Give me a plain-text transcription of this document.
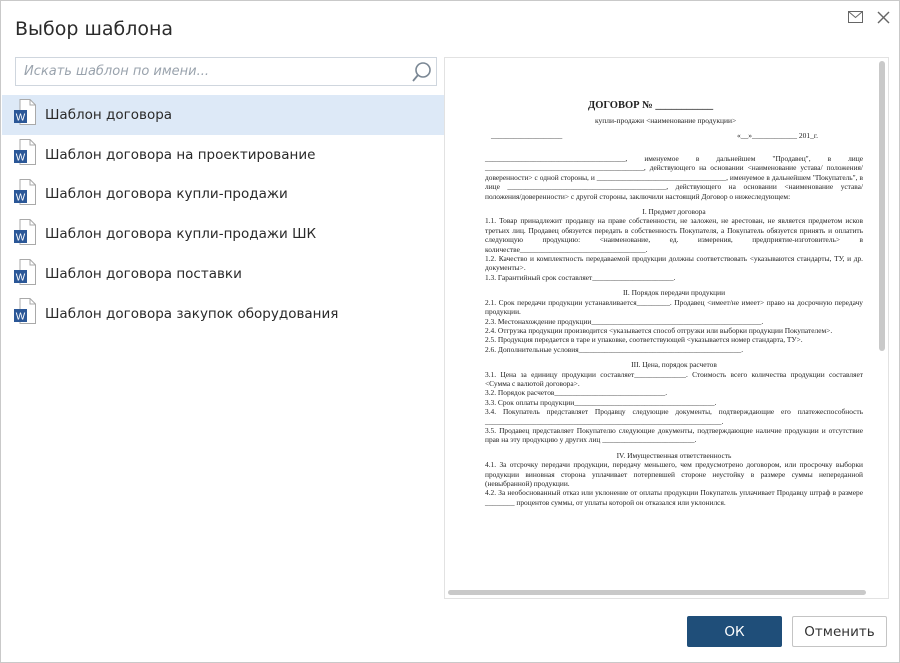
Выбор шаблона
Искать шаблон по имени...
W Шаблон договора
W Шаблон договора на проектирование
W Шаблон договора купли-продажи
W Шаблон договора купли-продажи ШК
W Шаблон договора поставки
W Шаблон договора закупок оборудования
ДОГОВОР № ___________
купли-продажи <наименование продукции>
___________________	«__»____________ 201_г.

______________________________________, именуемое в дальнейшем "Продавец", в лице ___________________________________________, действующего на основании <наименование устава/ положения/доверенности> с одной стороны, и ___________________________________, именуемое в дальнейшем "Покупатель", в лице ___________________________________________, действующего на основании <наименование устава/ положения/доверенности> с другой стороны, заключили настоящий Договор о нижеследующем:

I. Предмет договора

1.1. Товар принадлежит продавцу на праве собственности, не заложен, не арестован, не является предметом исков третьих лиц. Продавец обязуется передать в собственность Покупателя, а Покупатель обязуется принять и оплатить следующую продукцию: <наименование, ед. измерения, предприятие-изготовитель> в количестве__________________________________.

1.2. Качество и комплектность передаваемой продукции должны соответствовать <указываются стандарты, ТУ, и др. документы>.

1.3. Гарантийный срок составляет______________________.

II. Порядок передачи продукции

2.1. Срок передачи продукции устанавливается_________. Продавец <имеет/не имеет> право на досрочную передачу продукции.

2.3. Местонахождение продукции______________________________________________.

2.4. Отгрузка продукции производится <указывается способ отгрузки или выборки продукции Покупателем>.

2.5. Продукция передается в таре и упаковке, соответствующей <указывается номер стандарта, ТУ>.

2.6. Дополнительные условия____________________________________________.

III. Цена, порядок расчетов

3.1. Цена за единицу продукции составляет______________. Стоимость всего количества продукции составляет <Сумма с валютой договора>.

3.2. Порядок расчетов______________________________.

3.3. Срок оплаты продукции______________________________________.

3.4. Покупатель представляет Продавцу следующие документы, подтверждающие его платежеспособность ________________________________________________________________.

3.5. Продавец представляет Покупателю следующие документы, подтверждающие наличие продукции и отсутствие прав на эту продукцию у других лиц _________________________.

IV. Имущественная ответственность

4.1. За отсрочку передачи продукции, передачу меньшего, чем предусмотрено договором, или просрочку выборки продукции виновная сторона уплачивает потерпевшей стороне неустойку в размере суммы непереданной (невыбранной) продукции.

4.2. За необоснованный отказ или уклонение от оплаты продукции Покупатель уплачивает Продавцу штраф в размере ________ процентов суммы, от уплаты которой он отказался или уклонился.

ОК	Отменить
